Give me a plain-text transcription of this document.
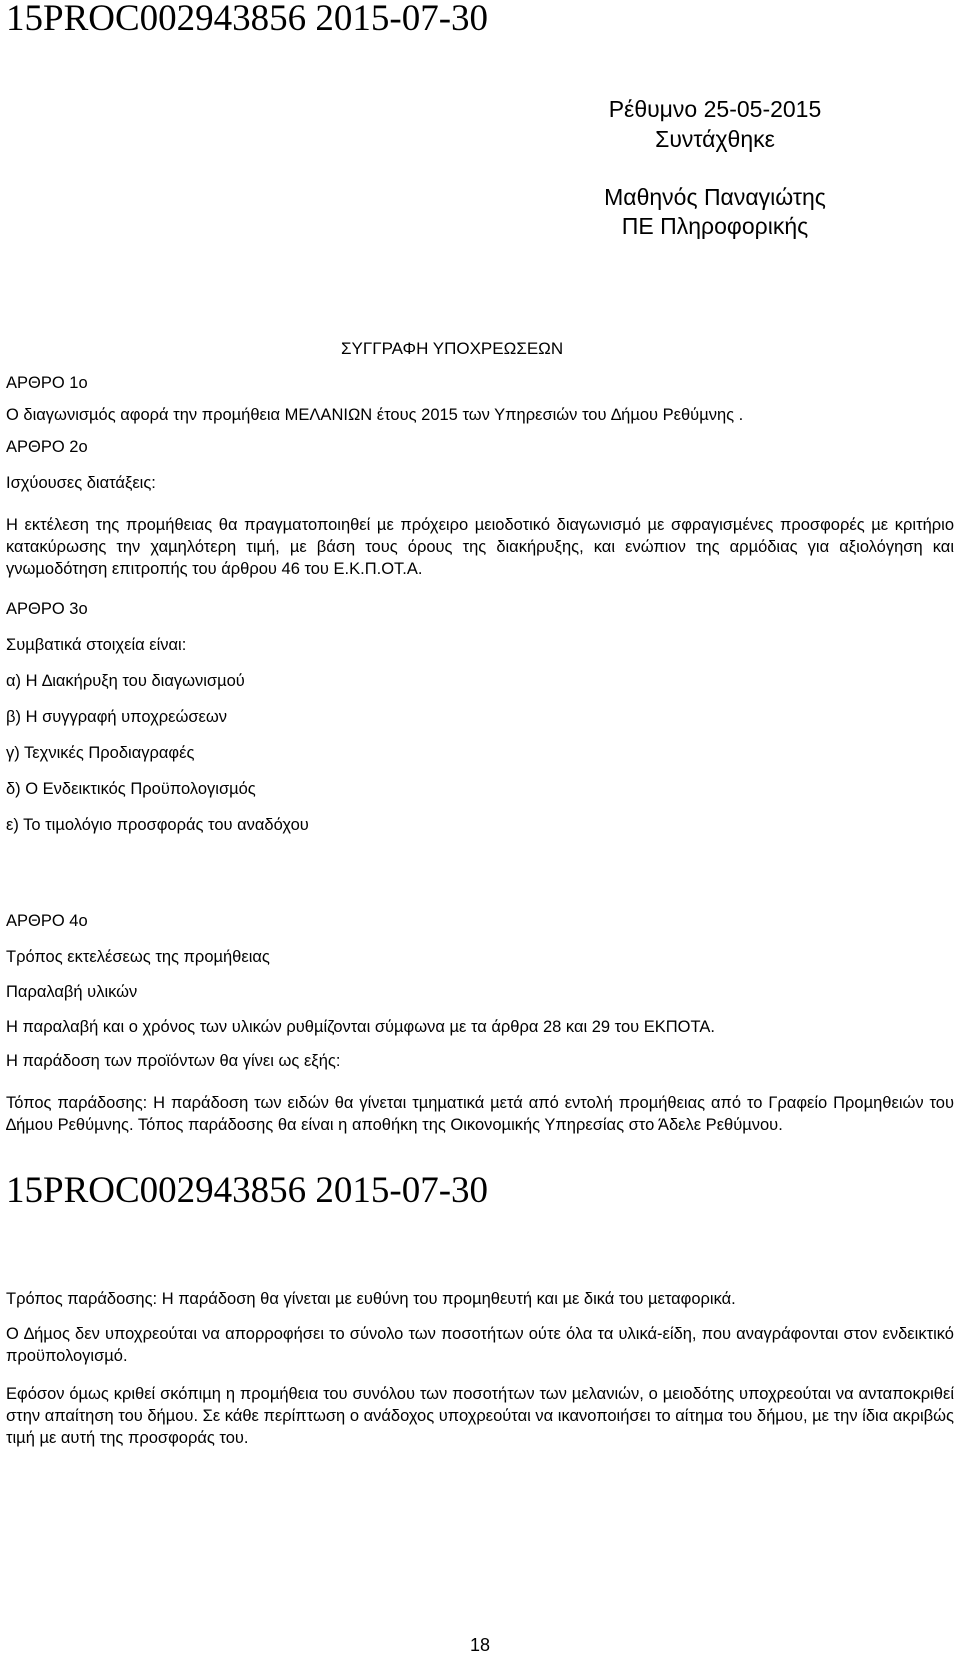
15PROC002943856 2015-07-30
Ρέθυμνο 25-05-2015
Συντάχθηκε
Μαθηνός Παναγιώτης
ΠΕ Πληροφορικής
ΣΥΓΓΡΑΦΗ ΥΠΟΧΡΕΩΣΕΩΝ
ΑΡΘΡΟ 1ο
Ο διαγωνισµός αφορά την προµήθεια ΜΕΛΑΝΙΩΝ έτους 2015 των Υπηρεσιών του ∆ήµου Ρεθύµνης .
ΑΡΘΡΟ 2ο
Ισχύουσες διατάξεις:
Η εκτέλεση της προµήθειας θα πραγµατοποιηθεί µε πρόχειρο µειοδοτικό διαγωνισµό µε σφραγισµένες προσφορές µε κριτήριο κατακύρωσης την χαµηλότερη τιµή, µε βάση τους όρους της διακήρυξης, και ενώπιον της αρµόδιας για αξιολόγηση και γνωµοδότηση επιτροπής του άρθρου 46 του Ε.Κ.Π.ΟΤ.Α.
ΑΡΘΡΟ 3ο
Συµβατικά στοιχεία είναι:
α) Η ∆ιακήρυξη του διαγωνισµού
β) Η συγγραφή υποχρεώσεων
γ) Τεχνικές Προδιαγραφές
δ) Ο Ενδεικτικός Προϋπολογισµός
ε) Το τιµολόγιο προσφοράς του αναδόχου
ΑΡΘΡΟ 4ο
Τρόπος εκτελέσεως της προµήθειας
Παραλαβή υλικών
Η παραλαβή και ο χρόνος των υλικών ρυθµίζονται σύµφωνα µε τα άρθρα 28 και 29 του ΕΚΠΟΤΑ.
Η παράδοση των προϊόντων θα γίνει ως εξής:
Τόπος παράδοσης: Η παράδοση των ειδών θα γίνεται τµηµατικά µετά από εντολή προµήθειας από το Γραφείο Προµηθειών του ∆ήµου Ρεθύµνης. Τόπος παράδοσης θα είναι η αποθήκη της Οικονοµικής Υπηρεσίας στο Άδελε Ρεθύµνου.
15PROC002943856 2015-07-30
Τρόπος παράδοσης: Η παράδοση θα γίνεται µε ευθύνη του προµηθευτή και µε δικά του µεταφορικά.
Ο ∆ήµος δεν υποχρεούται να απορροφήσει το σύνολο των ποσοτήτων ούτε όλα τα υλικά-είδη, που αναγράφονται στον ενδεικτικό προϋπολογισµό.
Εφόσον όµως κριθεί σκόπιµη η προµήθεια του συνόλου των ποσοτήτων των µελανιών, ο µειοδότης υποχρεούται να ανταποκριθεί στην απαίτηση του δήµου. Σε κάθε περίπτωση ο ανάδοχος υποχρεούται να ικανοποιήσει το αίτηµα του δήµου, µε την ίδια ακριβώς τιµή µε αυτή της προσφοράς του.
18
